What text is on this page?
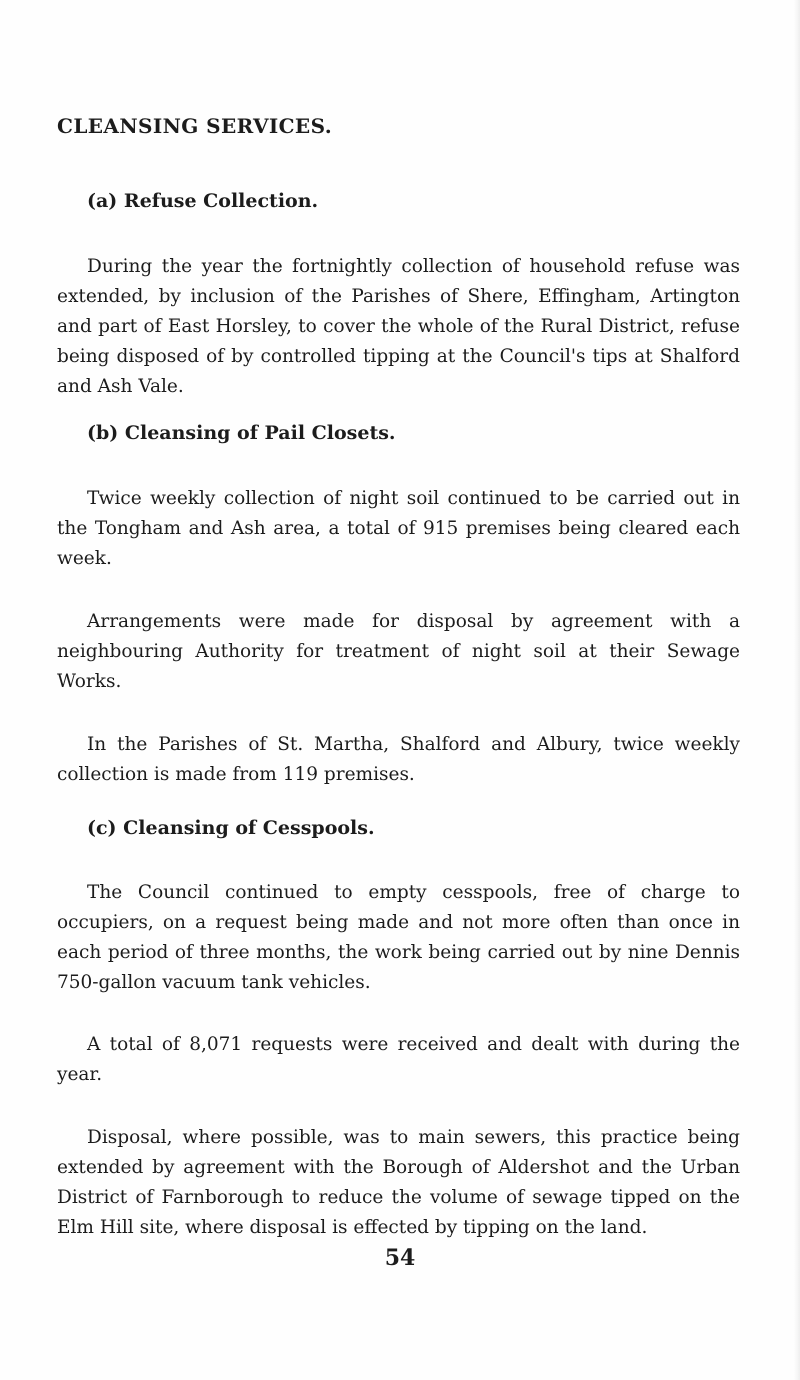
CLEANSING SERVICES.
(a) Refuse Collection.

During the year the fortnightly collection of household refuse was extended, by inclusion of the Parishes of Shere, Effingham, Artington and part of East Horsley, to cover the whole of the Rural District, refuse being disposed of by controlled tipping at the Council's tips at Shalford and Ash Vale.

(b) Cleansing of Pail Closets.

Twice weekly collection of night soil continued to be carried out in the Tongham and Ash area, a total of 915 premises being cleared each week.

Arrangements were made for disposal by agreement with a neighbouring Authority for treatment of night soil at their Sewage Works.

In the Parishes of St. Martha, Shalford and Albury, twice weekly collection is made from 119 premises.

(c) Cleansing of Cesspools.

The Council continued to empty cesspools, free of charge to occupiers, on a request being made and not more often than once in each period of three months, the work being carried out by nine Dennis 750-gallon vacuum tank vehicles.

A total of 8,071 requests were received and dealt with during the year.

Disposal, where possible, was to main sewers, this practice being extended by agreement with the Borough of Aldershot and the Urban District of Farnborough to reduce the volume of sewage tipped on the Elm Hill site, where disposal is effected by tipping on the land.

54
